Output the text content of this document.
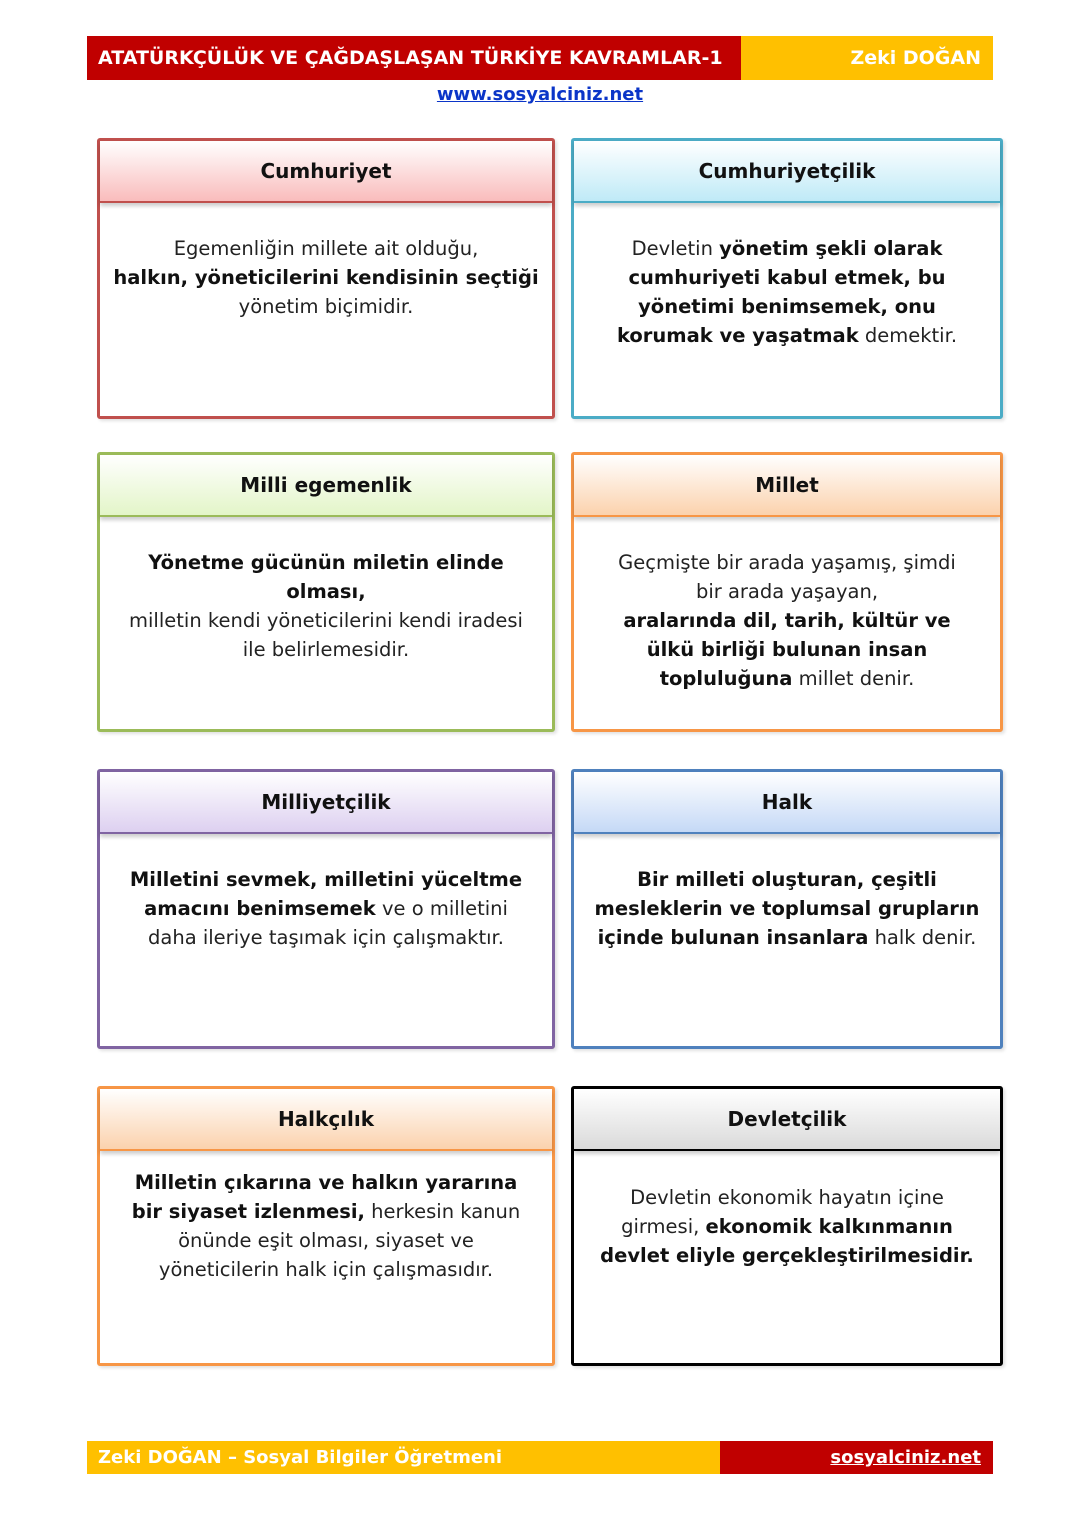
ATATÜRKÇÜLÜK VE ÇAĞDAŞLAŞAN TÜRKİYE KAVRAMLAR-1	Zeki DOĞAN
www.sosyalciniz.net
Cumhuriyet
Egemenliğin millete ait olduğu,
halkın, yöneticilerini kendisinin seçtiği
yönetim biçimidir.
Cumhuriyetçilik
Devletin yönetim şekli olarak cumhuriyeti kabul etmek, bu yönetimi benimsemek, onu korumak ve yaşatmak demektir.
Milli egemenlik
Yönetme gücünün miletin elinde olması,
milletin kendi yöneticilerini kendi iradesi ile belirlemesidir.
Millet
Geçmişte bir arada yaşamış, şimdi bir arada yaşayan,
aralarında dil, tarih, kültür ve ülkü birliği bulunan insan topluluğuna millet denir.
Milliyetçilik
Milletini sevmek, milletini yüceltme amacını benimsemek ve o milletini daha ileriye taşımak için çalışmaktır.
Halk
Bir milleti oluşturan, çeşitli mesleklerin ve toplumsal grupların içinde bulunan insanlara halk denir.
Halkçılık
Milletin çıkarına ve halkın yararına bir siyaset izlenmesi, herkesin kanun önünde eşit olması, siyaset ve yöneticilerin halk için çalışmasıdır.
Devletçilik
Devletin ekonomik hayatın içine girmesi, ekonomik kalkınmanın devlet eliyle gerçekleştirilmesidir.
Zeki DOĞAN – Sosyal Bilgiler Öğretmeni	sosyalciniz.net
